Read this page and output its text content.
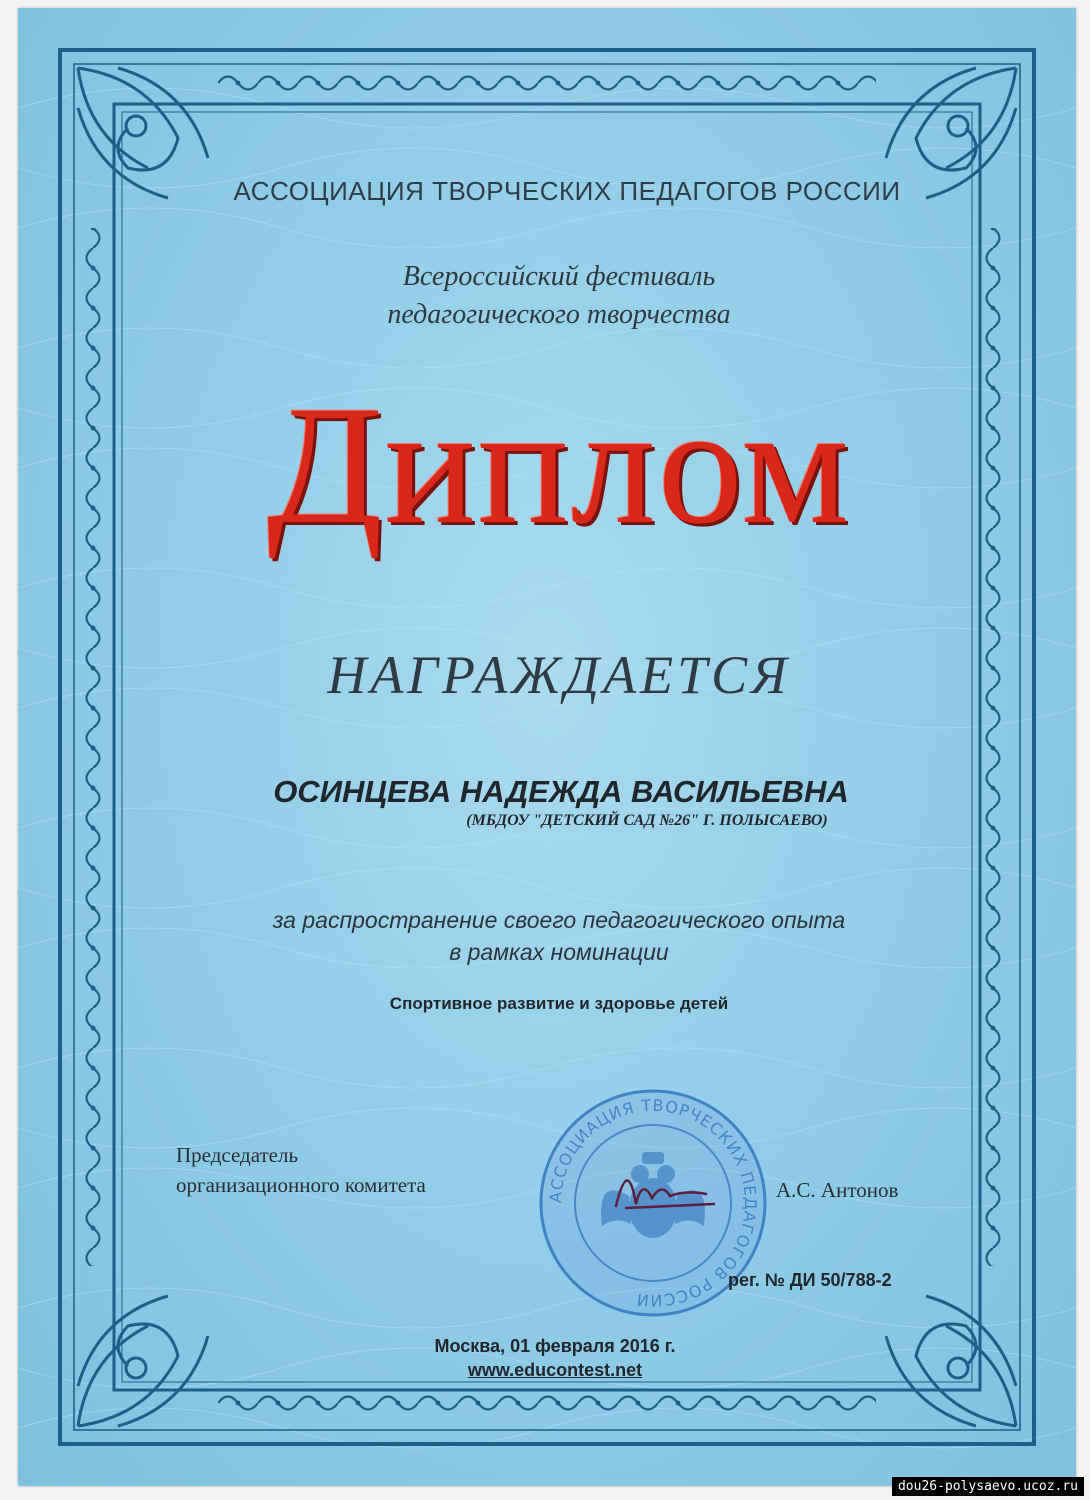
АССОЦИАЦИЯ ТВОРЧЕСКИХ ПЕДАГОГОВ РОССИИ
Всероссийский фестиваль
педагогического творчества
Диплом
НАГРАЖДАЕТСЯ
ОСИНЦЕВА НАДЕЖДА ВАСИЛЬЕВНА
(МБДОУ "ДЕТСКИЙ САД №26" Г. ПОЛЫСАЕВО)
за распространение своего педагогического опыта
в рамках номинации
Спортивное развитие и здоровье детей
Председатель
организационного комитета	АССОЦИАЦИЯ ТВОРЧЕСКИХ ПЕДАГОГОВ РОССИИ
А.С. Антонов
рег. № ДИ 50/788-2
Москва, 01 февраля 2016 г.
www.educontest.net
dou26-polysaevo.ucoz.ru
